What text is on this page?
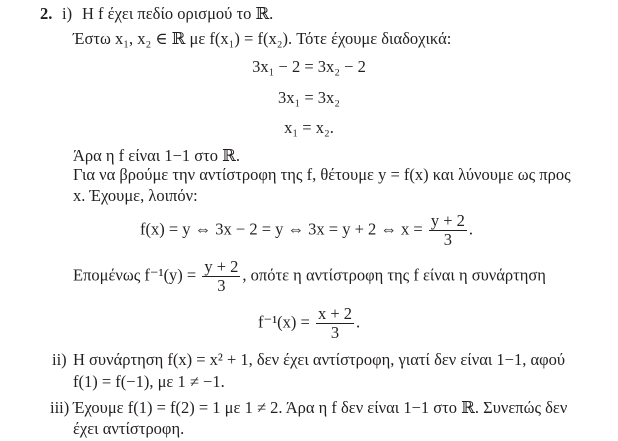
2. i) Η f έχει πεδίο ορισμού το ℝ.
Έστω x₁, x₂ ∈ ℝ με f(x₁) = f(x₂). Τότε έχουμε διαδοχικά:
3x₁ − 2 = 3x₂ − 2
3x₁ = 3x₂
x₁ = x₂.
Άρα η f είναι 1−1 στο ℝ.
Για να βρούμε την αντίστροφη της f, θέτουμε y = f(x) και λύνουμε ως προς
x. Έχουμε, λοιπόν:
f(x) = y ⇔ 3x − 2 = y ⇔ 3x = y + 2 ⇔ $x = \frac{y + 2}{3}$ .
Επομένως $f^{-1}(y) = \frac{y + 2}{3}$ , οπότε η αντίστροφη της f είναι η συνάρτηση
$f^{-1}(x) = \frac{x + 2}{3}$ .
ii) Η συνάρτηση f(x) = x² + 1, δεν έχει αντίστροφη, γιατί δεν είναι 1−1, αφού
f(1) = f(−1), με 1 ≠ −1.
iii) Έχουμε f(1) = f(2) = 1 με 1 ≠ 2. Άρα η f δεν είναι 1−1 στο ℝ. Συνεπώς δεν
έχει αντίστροφη.
